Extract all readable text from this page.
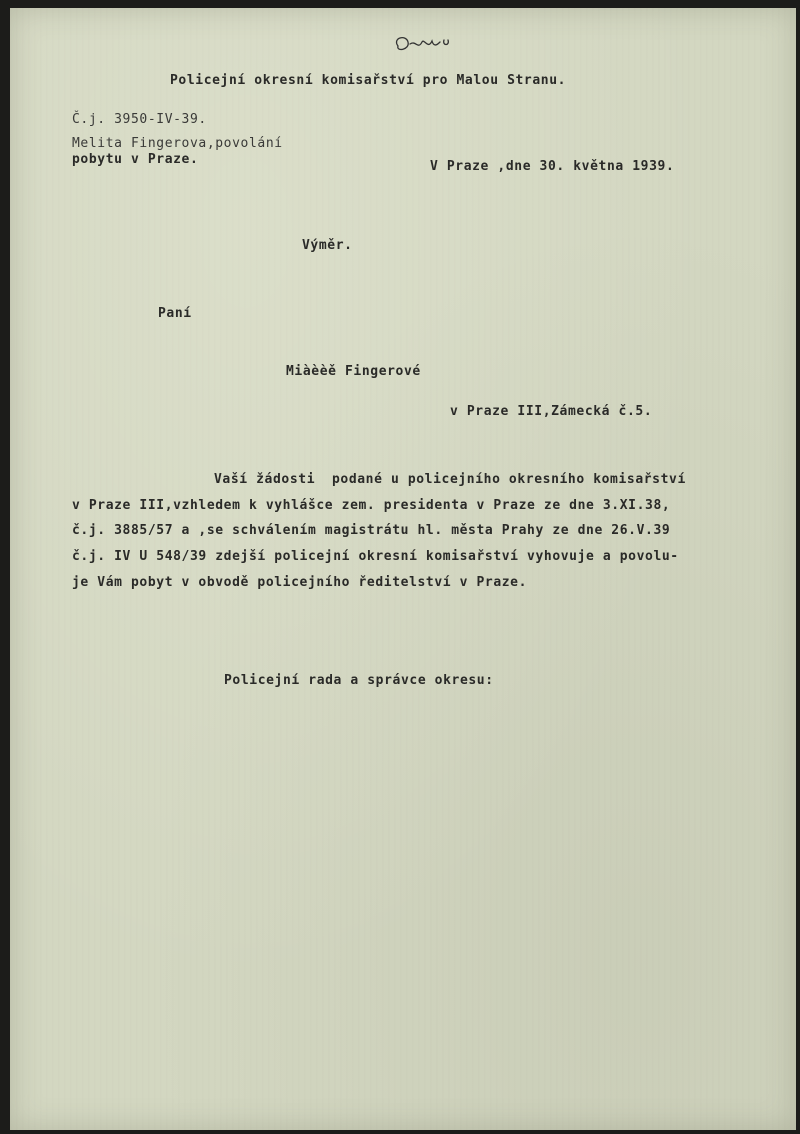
Policejní okresní komisařství pro Malou Stranu.
Č.j. 3950-IV-39.
Melita Fingerova,povolání
pobytu v Praze.	V Praze ,dne 30. května 1939.
Výměr.
Paní
Miàèèě Fingerové
v Praze III,Zámecká č.5.
Vaší žádosti  podané u policejního okresního komisařství
v Praze III,vzhledem k vyhlášce zem. presidenta v Praze ze dne 3.XI.38,
č.j. 3885/57 a ,se schválením magistrátu hl. města Prahy ze dne 26.V.39
č.j. IV U 548/39 zdejší policejní okresní komisařství vyhovuje a povolu-
je Vám pobyt v obvodě policejního ředitelství v Praze.
Policejní rada a správce okresu:
